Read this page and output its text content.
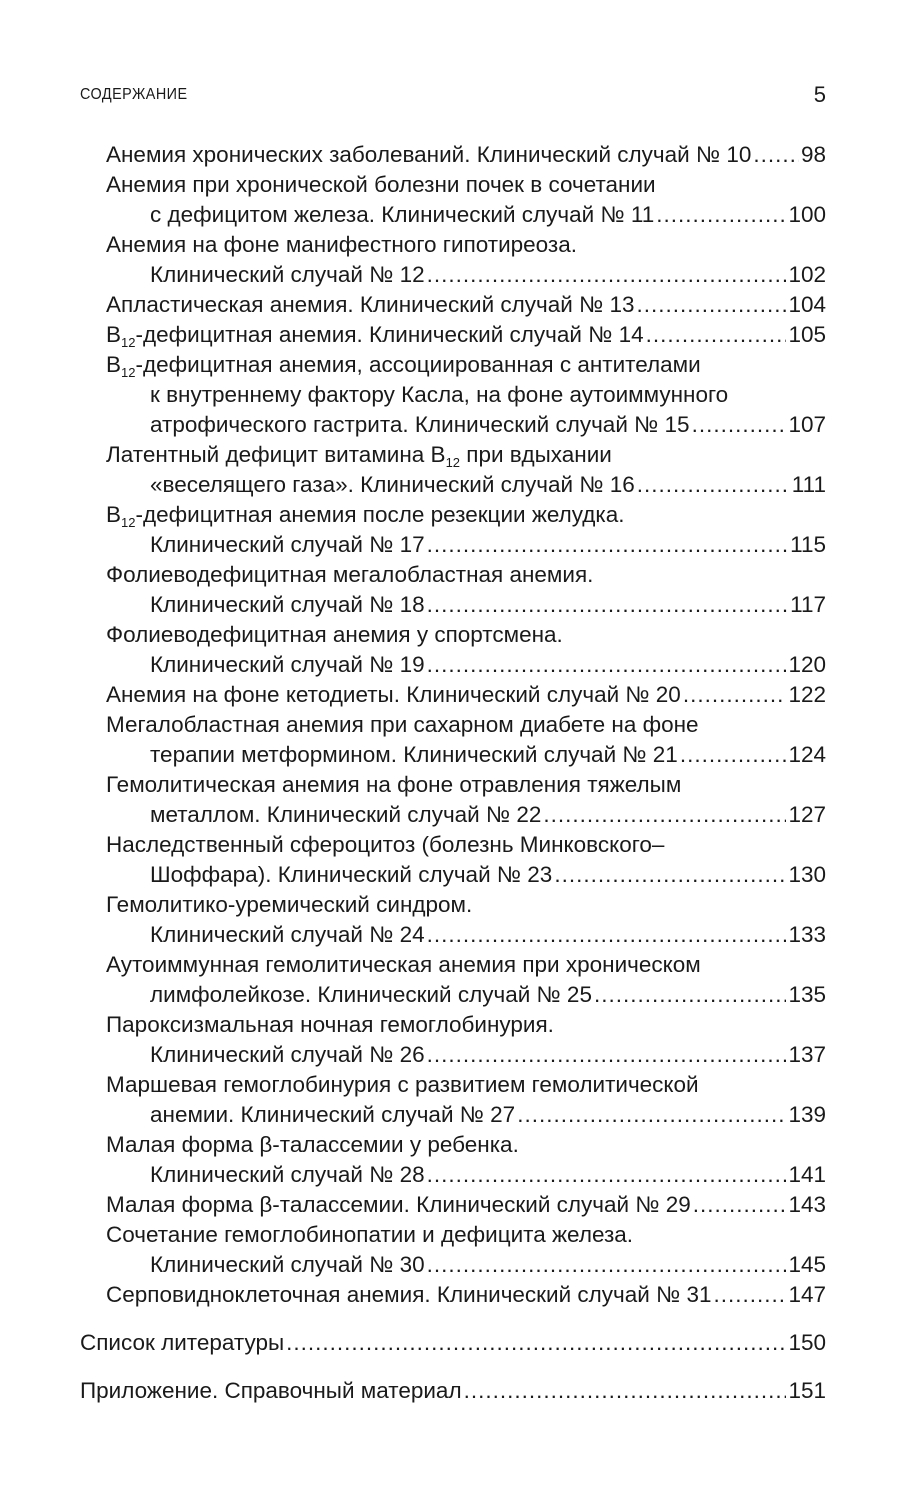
СОДЕРЖАНИЕ	5
Анемия хронических заболеваний. Клинический случай № 10 ..... 98
Анемия при хронической болезни почек в сочетании
с дефицитом железа. Клинический случай № 11 .....	100
Анемия на фоне манифестного гипотиреоза.
Клинический случай № 12 .....	102
Апластическая анемия. Клинический случай № 13 .....	104
$B_{12}$-дефицитная анемия. Клинический случай № 14 .....	105
$B_{12}$-дефицитная анемия, ассоциированная с антителами
к внутреннему фактору Касла, на фоне аутоиммунного
атрофического гастрита. Клинический случай № 15 .....	107
Латентный дефицит витамина $B_{12}$ при вдыхании
«веселящего газа». Клинический случай № 16 .....	111
$B_{12}$-дефицитная анемия после резекции желудка.
Клинический случай № 17 .....	115
Фолиеводефицитная мегалобластная анемия.
Клинический случай № 18 .....	117
Фолиеводефицитная анемия у спортсмена.
Клинический случай № 19 .....	120
Анемия на фоне кетодиеты. Клинический случай № 20 .....	122
Мегалобластная анемия при сахарном диабете на фоне
терапии метформином. Клинический случай № 21 .....	124
Гемолитическая анемия на фоне отравления тяжелым
металлом. Клинический случай № 22 .....	127
Наследственный сфероцитоз (болезнь Минковского–
Шоффара). Клинический случай № 23 .....	130
Гемолитико-уремический синдром.
Клинический случай № 24 .....	133
Аутоиммунная гемолитическая анемия при хроническом
лимфолейкозе. Клинический случай № 25 .....	135
Пароксизмальная ночная гемоглобинурия.
Клинический случай № 26 .....	137
Маршевая гемоглобинурия с развитием гемолитической
анемии. Клинический случай № 27 .....	139
Малая форма β-талассемии у ребенка.
Клинический случай № 28 .....	141
Малая форма β-талассемии. Клинический случай № 29 .....	143
Сочетание гемоглобинопатии и дефицита железа.
Клинический случай № 30 .....	145
Серповидноклеточная анемия. Клинический случай № 31 .....	147
Список литературы .....	150
Приложение. Справочный материал .....	151
